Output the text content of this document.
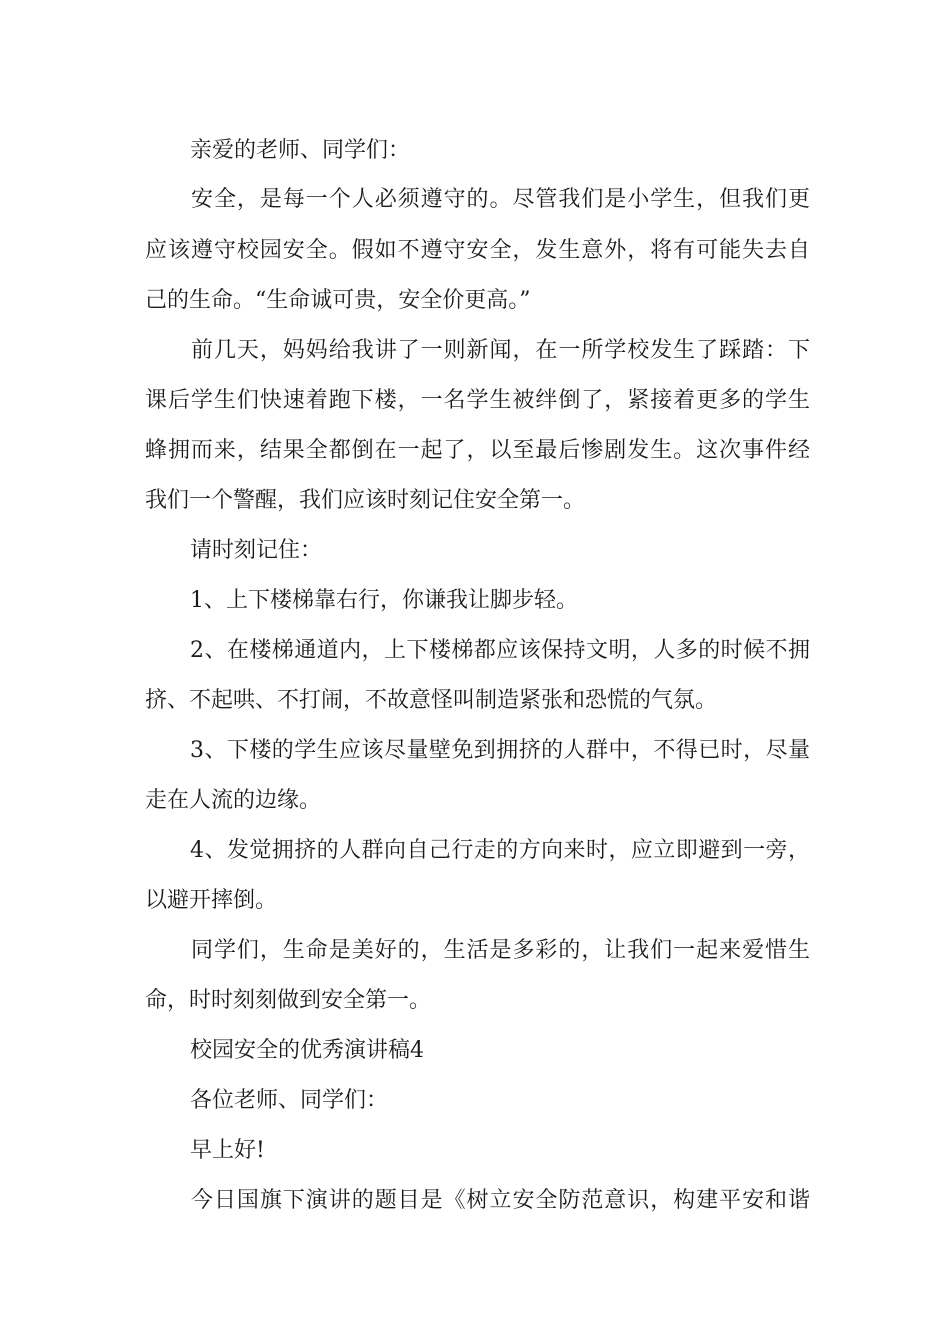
亲爱的老师、同学们：
安全，是每一个人必须遵守的。尽管我们是小学生，但我们更
应该遵守校园安全。假如不遵守安全，发生意外，将有可能失去自
己的生命。“生命诚可贵，安全价更高。”
前几天，妈妈给我讲了一则新闻，在一所学校发生了踩踏：下
课后学生们快速着跑下楼，一名学生被绊倒了，紧接着更多的学生
蜂拥而来，结果全都倒在一起了，以至最后惨剧发生。这次事件经
我们一个警醒，我们应该时刻记住安全第一。
请时刻记住：
1、上下楼梯靠右行，你谦我让脚步轻。
2、在楼梯通道内，上下楼梯都应该保持文明，人多的时候不拥
挤、不起哄、不打闹，不故意怪叫制造紧张和恐慌的气氛。
3、下楼的学生应该尽量壁免到拥挤的人群中，不得已时，尽量
走在人流的边缘。
4、发觉拥挤的人群向自己行走的方向来时，应立即避到一旁，
以避开摔倒。
同学们，生命是美好的，生活是多彩的，让我们一起来爱惜生
命，时时刻刻做到安全第一。
校园安全的优秀演讲稿4
各位老师、同学们：
早上好!
今日国旗下演讲的题目是《树立安全防范意识，构建平安和谐
